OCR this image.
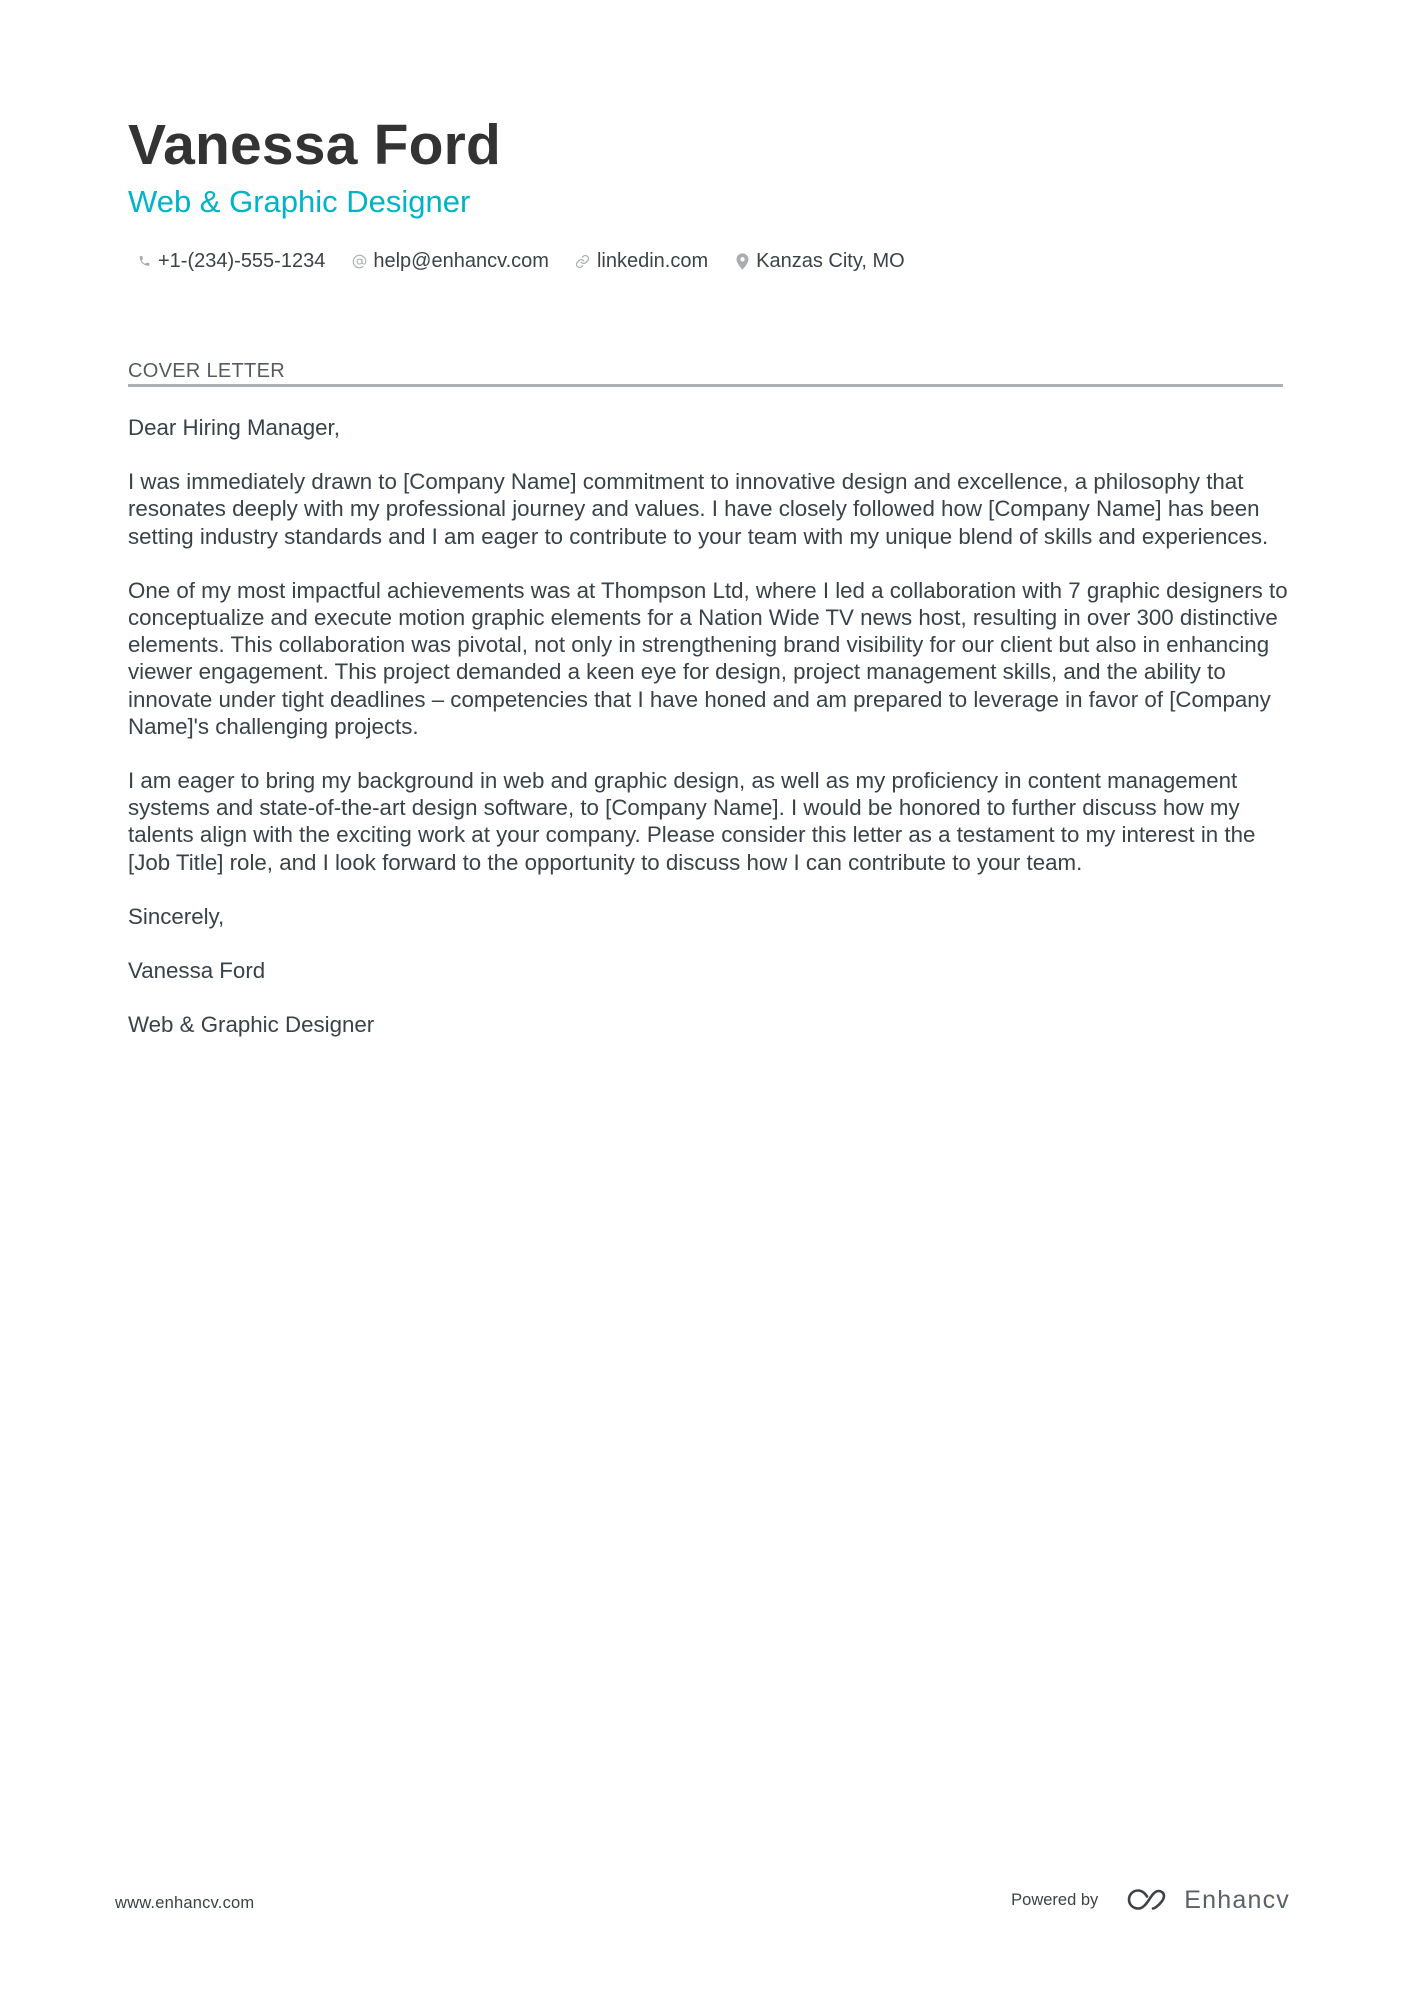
Vanessa Ford
Web & Graphic Designer
+1-(234)-555-1234 help@enhancv.com linkedin.com Kanzas City, MO
COVER LETTER

Dear Hiring Manager,

I was immediately drawn to [Company Name] commitment to innovative design and excellence, a philosophy that resonates deeply with my professional journey and values. I have closely followed how [Company Name] has been setting industry standards and I am eager to contribute to your team with my unique blend of skills and experiences.

One of my most impactful achievements was at Thompson Ltd, where I led a collaboration with 7 graphic designers to conceptualize and execute motion graphic elements for a Nation Wide TV news host, resulting in over 300 distinctive elements. This collaboration was pivotal, not only in strengthening brand visibility for our client but also in enhancing viewer engagement. This project demanded a keen eye for design, project management skills, and the ability to innovate under tight deadlines – competencies that I have honed and am prepared to leverage in favor of [Company Name]'s challenging projects.

I am eager to bring my background in web and graphic design, as well as my proficiency in content management systems and state-of-the-art design software, to [Company Name]. I would be honored to further discuss how my talents align with the exciting work at your company. Please consider this letter as a testament to my interest in the [Job Title] role, and I look forward to the opportunity to discuss how I can contribute to your team.

Sincerely,

Vanessa Ford

Web & Graphic Designer

www.enhancv.com	Powered by	Enhancv
